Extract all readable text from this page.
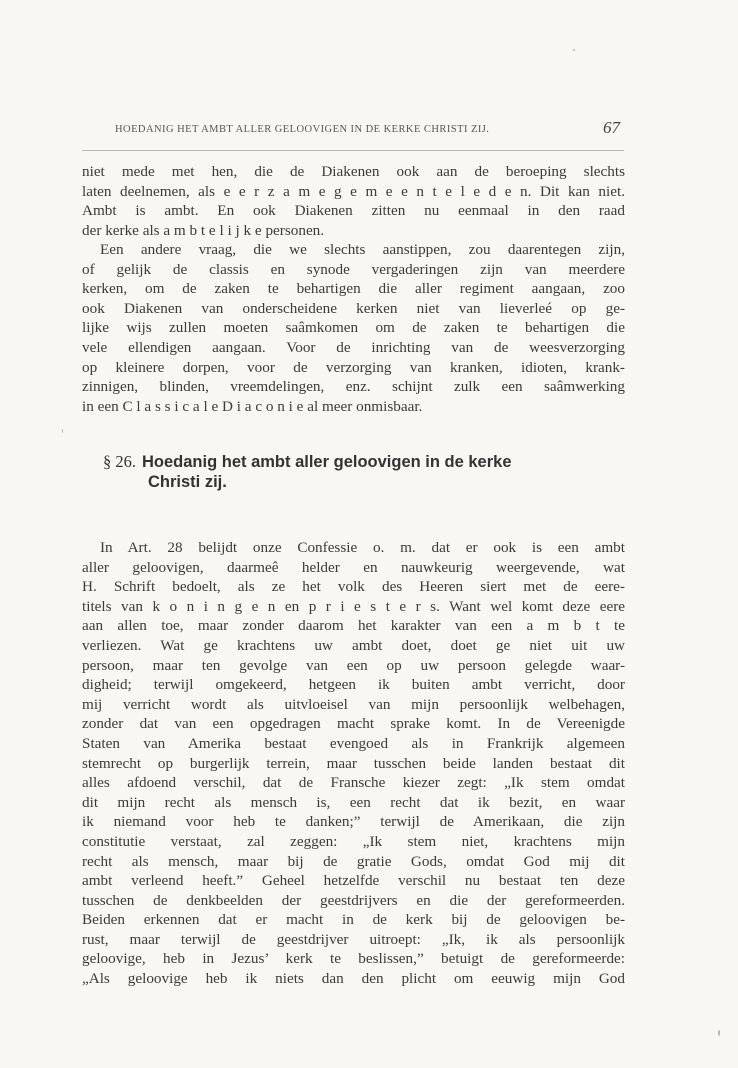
HOEDANIG HET AMBT ALLER GELOOVIGEN IN DE KERKE CHRISTI ZIJ.	67
niet mede met hen, die de Diakenen ook aan de beroeping slechts
laten deelnemen, als e e r z a m e g e m e e n t e l e d e n. Dit kan niet.
Ambt is ambt. En ook Diakenen zitten nu eenmaal in den raad
der kerke als a m b t e l i j k e personen.
Een andere vraag, die we slechts aanstippen, zou daarentegen zijn,
of gelijk de classis en synode vergaderingen zijn van meerdere
kerken, om de zaken te behartigen die aller regiment aangaan, zoo
ook Diakenen van onderscheidene kerken niet van lieverleé op ge-
lijke wijs zullen moeten saâmkomen om de zaken te behartigen die
vele ellendigen aangaan. Voor de inrichting van de weesverzorging
op kleinere dorpen, voor de verzorging van kranken, idioten, krank-
zinnigen, blinden, vreemdelingen, enz. schijnt zulk een saâmwerking
in een C l a s s i c a l e D i a c o n i e al meer onmisbaar.
§ 26. Hoedanig het ambt aller geloovigen in de kerke
Christi zij.
In Art. 28 belijdt onze Confessie o. m. dat er ook is een ambt
aller geloovigen, daarmeê helder en nauwkeurig weergevende, wat
H. Schrift bedoelt, als ze het volk des Heeren siert met de eere-
titels van k o n i n g e n en p r i e s t e r s. Want wel komt deze eere
aan allen toe, maar zonder daarom het karakter van een a m b t te
verliezen. Wat ge krachtens uw ambt doet, doet ge niet uit uw
persoon, maar ten gevolge van een op uw persoon gelegde waar-
digheid; terwijl omgekeerd, hetgeen ik buiten ambt verricht, door
mij verricht wordt als uitvloeisel van mijn persoonlijk welbehagen,
zonder dat van een opgedragen macht sprake komt. In de Vereenigde
Staten van Amerika bestaat evengoed als in Frankrijk algemeen
stemrecht op burgerlijk terrein, maar tusschen beide landen bestaat dit
alles afdoend verschil, dat de Fransche kiezer zegt: „Ik stem omdat
dit mijn recht als mensch is, een recht dat ik bezit, en waar
ik niemand voor heb te danken;” terwijl de Amerikaan, die zijn
constitutie verstaat, zal zeggen: „Ik stem niet, krachtens mijn
recht als mensch, maar bij de gratie Gods, omdat God mij dit
ambt verleend heeft.” Geheel hetzelfde verschil nu bestaat ten deze
tusschen de denkbeelden der geestdrijvers en die der gereformeerden.
Beiden erkennen dat er macht in de kerk bij de geloovigen be-
rust, maar terwijl de geestdrijver uitroept: „Ik, ik als persoonlijk
geloovige, heb in Jezus’ kerk te beslissen,” betuigt de gereformeerde:
„Als geloovige heb ik niets dan den plicht om eeuwig mijn God
